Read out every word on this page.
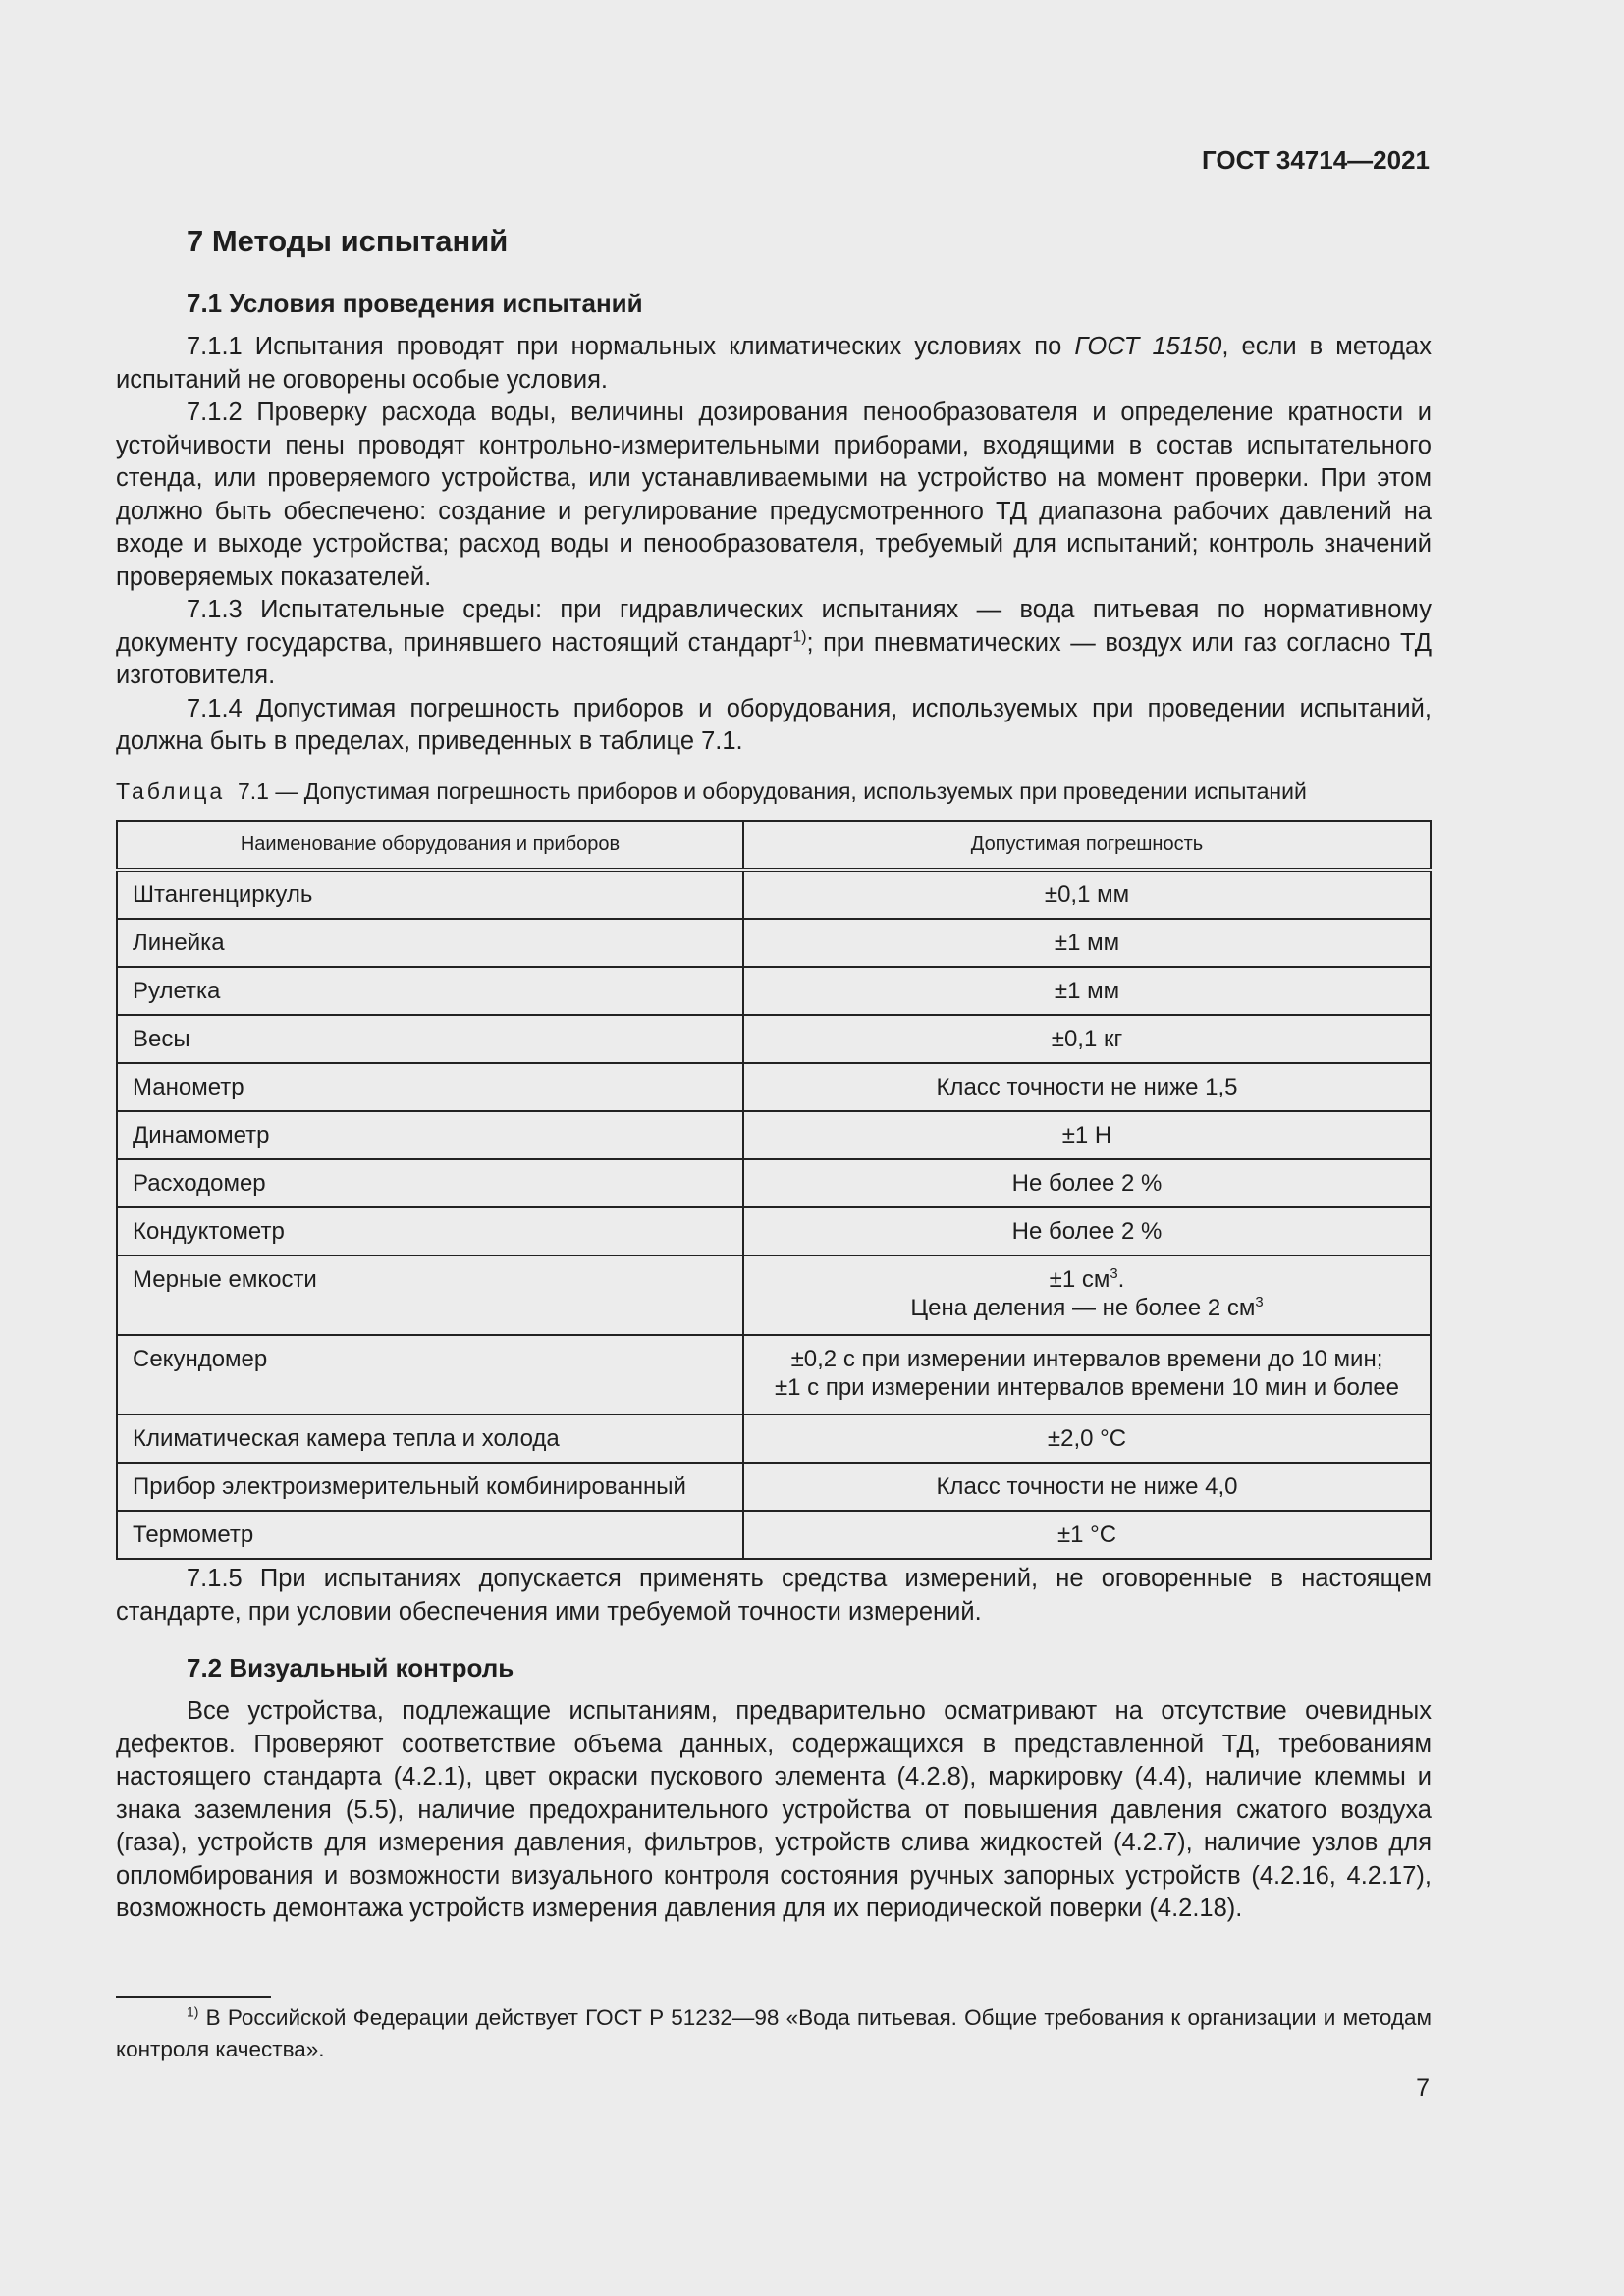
ГОСТ 34714—2021
7 Методы испытаний
7.1 Условия проведения испытаний

7.1.1 Испытания проводят при нормальных климатических условиях по ГОСТ 15150, если в методах испытаний не оговорены особые условия.

7.1.2 Проверку расхода воды, величины дозирования пенообразователя и определение кратности и устойчивости пены проводят контрольно-измерительными приборами, входящими в состав испытательного стенда, или проверяемого устройства, или устанавливаемыми на устройство на момент проверки. При этом должно быть обеспечено: создание и регулирование предусмотренного ТД диапазона рабочих давлений на входе и выходе устройства; расход воды и пенообразователя, требуемый для испытаний; контроль значений проверяемых показателей.

7.1.3 Испытательные среды: при гидравлических испытаниях — вода питьевая по нормативному документу государства, принявшего настоящий стандарт$^{1)}$; при пневматических — воздух или газ согласно ТД изготовителя.

7.1.4 Допустимая погрешность приборов и оборудования, используемых при проведении испытаний, должна быть в пределах, приведенных в таблице 7.1.

Таблица 7.1 — Допустимая погрешность приборов и оборудования, используемых при проведении испытаний
Наименование оборудования и приборов	Допустимая погрешность
Штангенциркуль	±0,1 мм
Линейка	±1 мм
Рулетка	±1 мм
Весы	±0,1 кг
Манометр	Класс точности не ниже 1,5
Динамометр	±1 Н
Расходомер	Не более 2 %
Кондуктометр	Не более 2 %
Мерные емкости	±1 $см^3$.
Цена деления — не более 2 $см^3$

Секундомер	±0,2 с при измерении интервалов времени до 10 мин;
±1 с при измерении интервалов времени 10 мин и более

Климатическая камера тепла и холода	±2,0 °С
Прибор электроизмерительный комбинированный	Класс точности не ниже 4,0
Термометр	±1 °С

7.1.5 При испытаниях допускается применять средства измерений, не оговоренные в настоящем стандарте, при условии обеспечения ими требуемой точности измерений.

7.2 Визуальный контроль

Все устройства, подлежащие испытаниям, предварительно осматривают на отсутствие очевидных дефектов. Проверяют соответствие объема данных, содержащихся в представленной ТД, требованиям настоящего стандарта (4.2.1), цвет окраски пускового элемента (4.2.8), маркировку (4.4), наличие клеммы и знака заземления (5.5), наличие предохранительного устройства от повышения давления сжатого воздуха (газа), устройств для измерения давления, фильтров, устройств слива жидкостей (4.2.7), наличие узлов для опломбирования и возможности визуального контроля состояния ручных запорных устройств (4.2.16, 4.2.17), возможность демонтажа устройств измерения давления для их периодической поверки (4.2.18).

$^{1)}$ В Российской Федерации действует ГОСТ Р 51232—98 «Вода питьевая. Общие требования к организации и методам контроля качества».

7
